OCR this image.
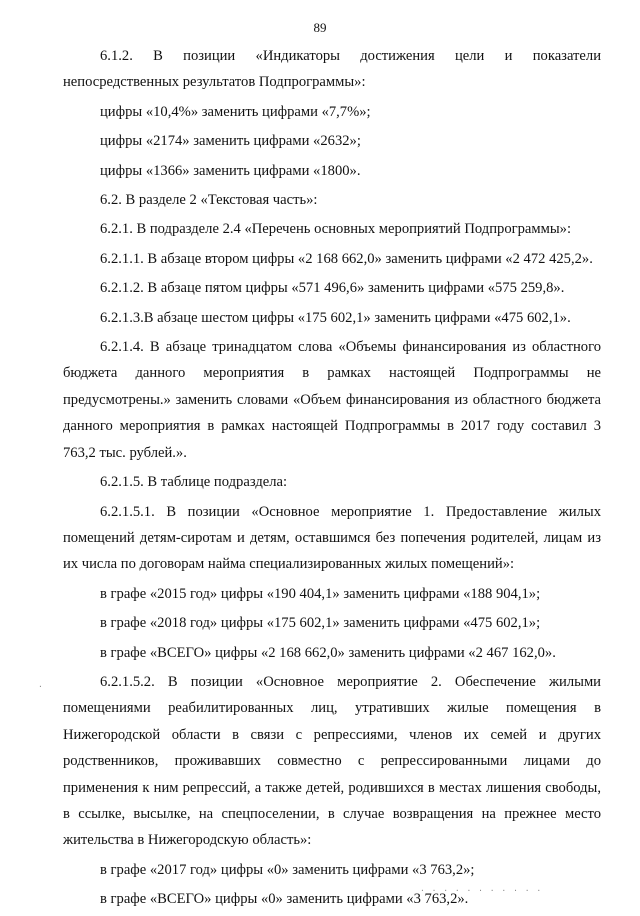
89

6.1.2. В позиции «Индикаторы достижения цели и показатели непосредственных результатов Подпрограммы»:

цифры «10,4%» заменить цифрами «7,7%»;

цифры «2174» заменить цифрами «2632»;

цифры «1366» заменить цифрами «1800».

6.2. В разделе 2 «Текстовая часть»:

6.2.1. В подразделе 2.4 «Перечень основных мероприятий Подпрограммы»:

6.2.1.1. В абзаце втором цифры «2 168 662,0» заменить цифрами «2 472 425,2».

6.2.1.2. В абзаце пятом цифры «571 496,6» заменить цифрами «575 259,8».

6.2.1.3.В абзаце шестом цифры «175 602,1» заменить цифрами «475 602,1».

6.2.1.4. В абзаце тринадцатом слова «Объемы финансирования из областного бюджета данного мероприятия в рамках настоящей Подпрограммы не предусмотрены.» заменить словами «Объем финансирования из областного бюджета данного мероприятия в рамках настоящей Подпрограммы в 2017 году составил 3 763,2 тыс. рублей.».

6.2.1.5. В таблице подраздела:

6.2.1.5.1. В позиции «Основное мероприятие 1. Предоставление жилых помещений детям-сиротам и детям, оставшимся без попечения родителей, лицам из их числа по договорам найма специализированных жилых помещений»:

в графе «2015 год» цифры «190 404,1» заменить цифрами «188 904,1»;

в графе «2018 год» цифры «175 602,1» заменить цифрами «475 602,1»;

в графе «ВСЕГО» цифры «2 168 662,0» заменить цифрами «2 467 162,0».

6.2.1.5.2. В позиции «Основное мероприятие 2. Обеспечение жилыми помещениями реабилитированных лиц, утративших жилые помещения в Нижегородской области в связи с репрессиями, членов их семей и других родственников, проживавших совместно с репрессированными лицами до применения к ним репрессий, а также детей, родившихся в местах лишения свободы, в ссылке, высылке, на спецпоселении, в случае возвращения на прежнее место жительства в Нижегородскую область»:

в графе «2017 год» цифры «0» заменить цифрами «3 763,2»;

в графе «ВСЕГО» цифры «0» заменить цифрами «3 763,2».

·
· · · · · · · · · · ·
